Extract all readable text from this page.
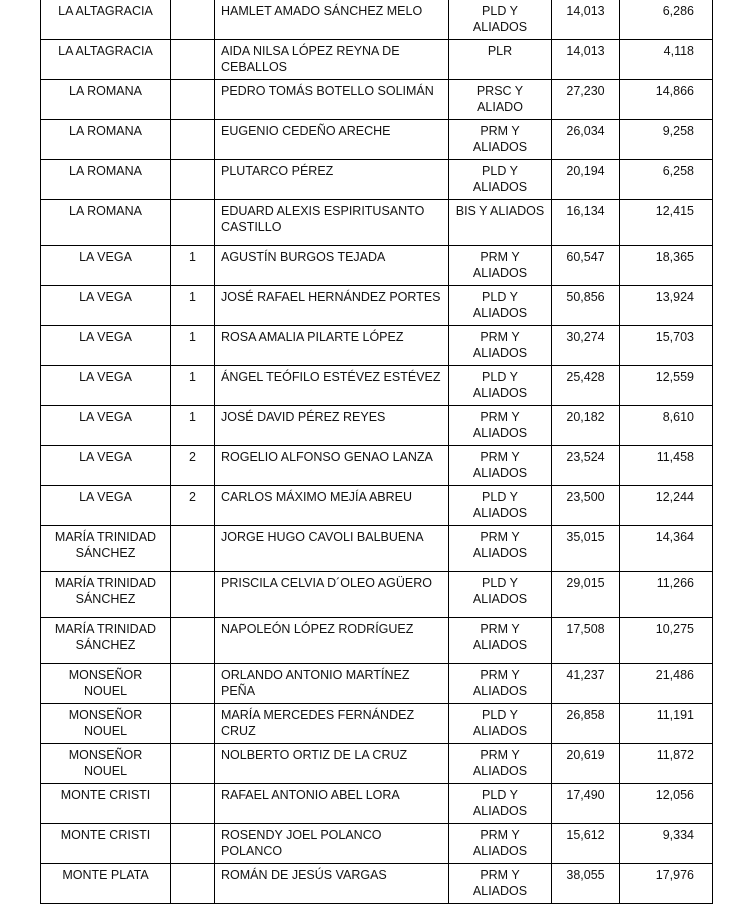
LA ALTAGRACIA		HAMLET AMADO SÁNCHEZ MELO	PLD Y ALIADOS	14,013	6,286
LA ALTAGRACIA		AIDA NILSA LÓPEZ REYNA DE CEBALLOS	PLR	14,013	4,118
LA ROMANA		PEDRO TOMÁS BOTELLO SOLIMÁN	PRSC Y ALIADO	27,230	14,866
LA ROMANA		EUGENIO CEDEÑO ARECHE	PRM Y ALIADOS	26,034	9,258
LA ROMANA		PLUTARCO PÉREZ	PLD Y ALIADOS	20,194	6,258
LA ROMANA		EDUARD ALEXIS ESPIRITUSANTO CASTILLO	BIS Y ALIADOS	16,134	12,415
LA VEGA	1	AGUSTÍN BURGOS TEJADA	PRM Y ALIADOS	60,547	18,365
LA VEGA	1	JOSÉ RAFAEL HERNÁNDEZ PORTES	PLD Y ALIADOS	50,856	13,924
LA VEGA	1	ROSA AMALIA PILARTE LÓPEZ	PRM Y ALIADOS	30,274	15,703
LA VEGA	1	ÁNGEL TEÓFILO ESTÉVEZ ESTÉVEZ	PLD Y ALIADOS	25,428	12,559
LA VEGA	1	JOSÉ DAVID PÉREZ REYES	PRM Y ALIADOS	20,182	8,610
LA VEGA	2	ROGELIO ALFONSO GENAO LANZA	PRM Y ALIADOS	23,524	11,458
LA VEGA	2	CARLOS MÁXIMO MEJÍA ABREU	PLD Y ALIADOS	23,500	12,244
MARÍA TRINIDAD SÁNCHEZ		JORGE HUGO CAVOLI BALBUENA	PRM Y ALIADOS	35,015	14,364
MARÍA TRINIDAD SÁNCHEZ		PRISCILA CELVIA D´OLEO AGÜERO	PLD Y ALIADOS	29,015	11,266
MARÍA TRINIDAD SÁNCHEZ		NAPOLEÓN LÓPEZ RODRÍGUEZ	PRM Y ALIADOS	17,508	10,275
MONSEÑOR NOUEL		ORLANDO ANTONIO MARTÍNEZ PEÑA	PRM Y ALIADOS	41,237	21,486
MONSEÑOR NOUEL		MARÍA MERCEDES FERNÁNDEZ CRUZ	PLD Y ALIADOS	26,858	11,191
MONSEÑOR NOUEL		NOLBERTO ORTIZ DE LA CRUZ	PRM Y ALIADOS	20,619	11,872
MONTE CRISTI		RAFAEL ANTONIO ABEL LORA	PLD Y ALIADOS	17,490	12,056
MONTE CRISTI		ROSENDY JOEL POLANCO POLANCO	PRM Y ALIADOS	15,612	9,334
MONTE PLATA		ROMÁN DE JESÚS VARGAS	PRM Y ALIADOS	38,055	17,976
